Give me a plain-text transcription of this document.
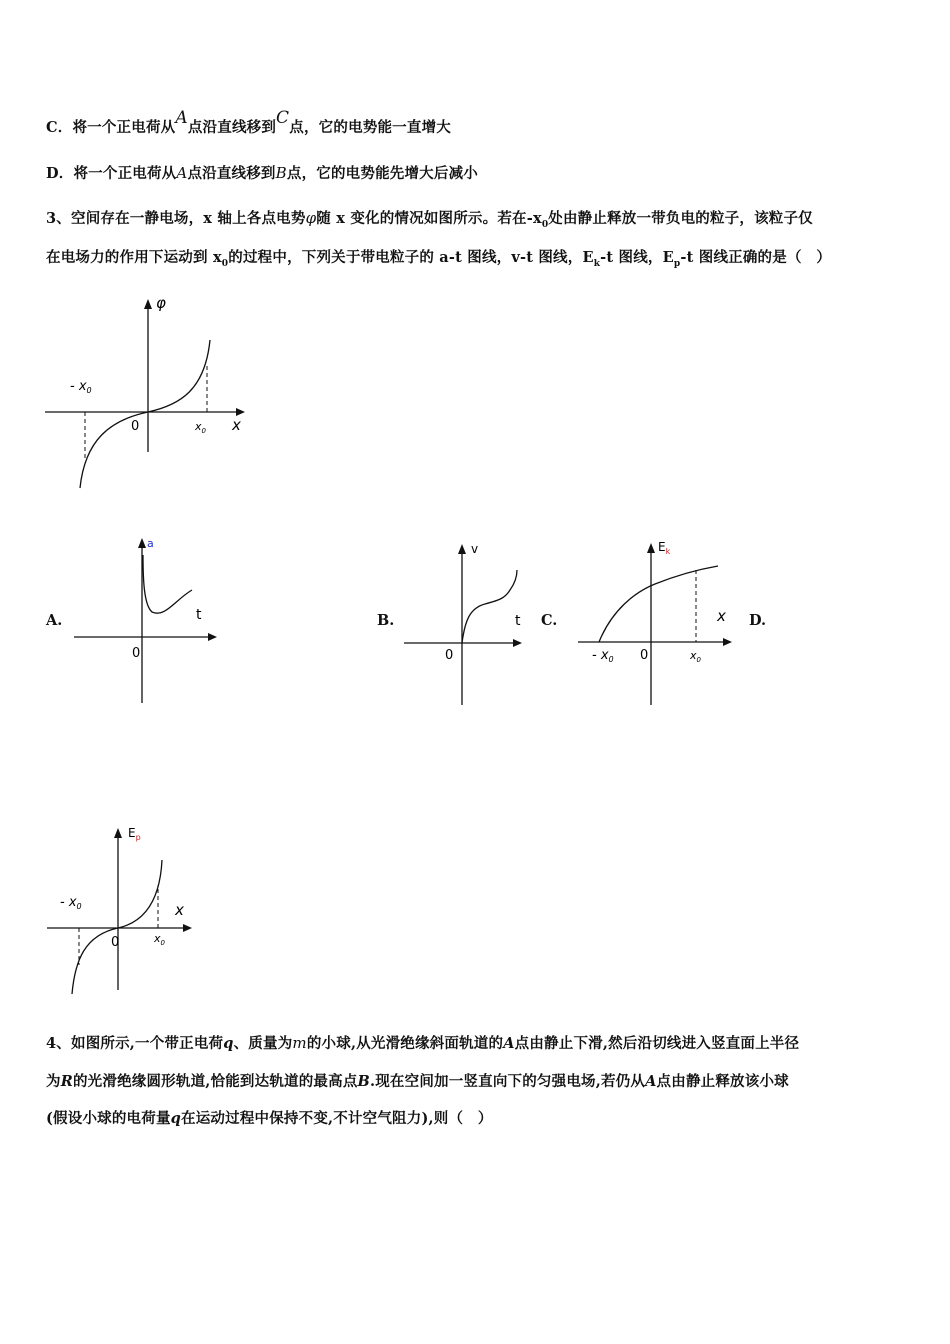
C．将一个正电荷从A点沿直线移到C点，它的电势能一直增大
D．将一个正电荷从A点沿直线移到B点，它的电势能先增大后减小
3、空间存在一静电场，x 轴上各点电势φ随 x 变化的情况如图所示。若在$-x_0$处由静止释放一带负电的粒子，该粒子仅
在电场力的作用下运动到 $x_0$的过程中，下列关于带电粒子的 a-t 图线，v-t 图线，$E_k-t$ 图线，$E_p-t$ 图线正确的是（　）
φ
x
- $x_0$
0	$x_0$
a
t
0
v
t
0
$E_k$
x
- $x_0$ 0	$x_0$
$E_p$
x
- $x_0$
0	$x_0$
A.	B.	C.	D.
4、如图所示,一个带正电荷q、质量为m的小球,从光滑绝缘斜面轨道的A点由静止下滑,然后沿切线进入竖直面上半径
为R的光滑绝缘圆形轨道,恰能到达轨道的最高点B.现在空间加一竖直向下的匀强电场,若仍从A点由静止释放该小球
(假设小球的电荷量q在运动过程中保持不变,不计空气阻力),则（　）
